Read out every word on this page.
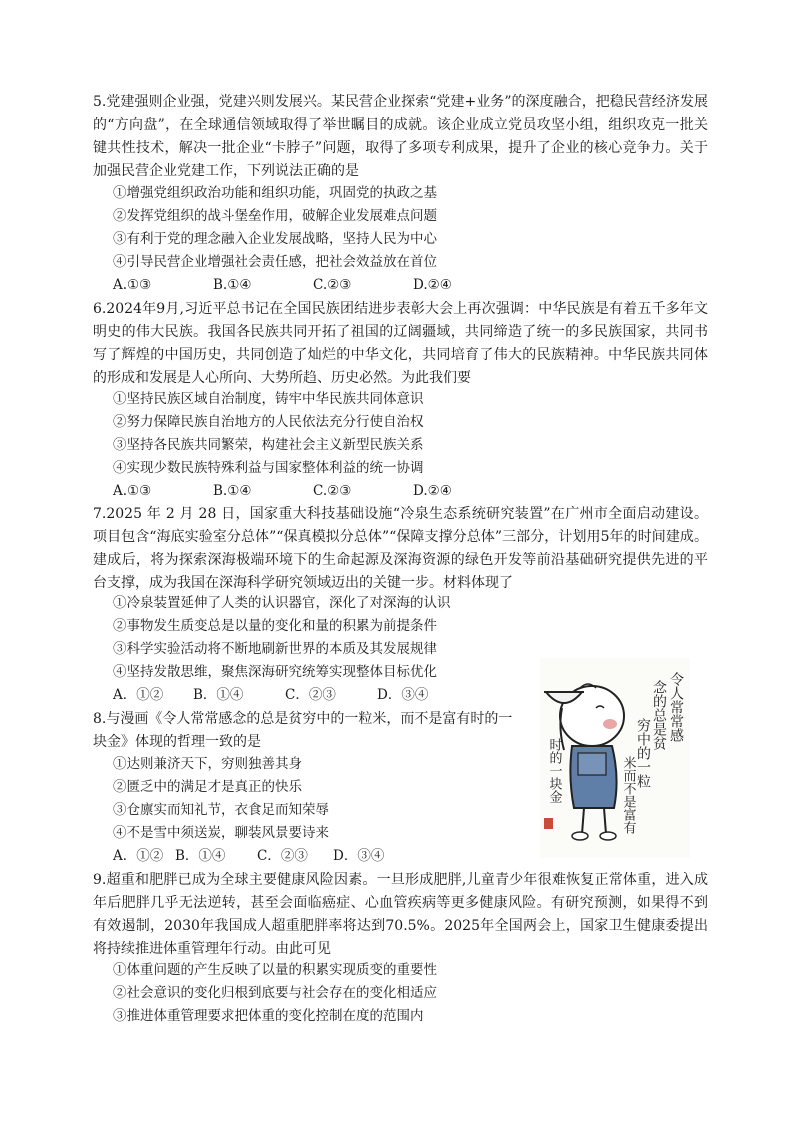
5.党建强则企业强，党建兴则发展兴。某民营企业探索“党建+业务”的深度融合，把稳民营经济发展的“方向盘”，在全球通信领域取得了举世瞩目的成就。该企业成立党员攻坚小组，组织攻克一批关键共性技术，解决一批企业“卡脖子”问题，取得了多项专利成果，提升了企业的核心竞争力。关于加强民营企业党建工作，下列说法正确的是

①增强党组织政治功能和组织功能，巩固党的执政之基

②发挥党组织的战斗堡垒作用，破解企业发展难点问题

③有利于党的理念融入企业发展战略，坚持人民为中心

④引导民营企业增强社会责任感，把社会效益放在首位

A.①③	B.①④	C.②③	D.②④

6.2024年9月,习近平总书记在全国民族团结进步表彰大会上再次强调：中华民族是有着五千多年文明史的伟大民族。我国各民族共同开拓了祖国的辽阔疆域，共同缔造了统一的多民族国家，共同书写了辉煌的中国历史，共同创造了灿烂的中华文化，共同培育了伟大的民族精神。中华民族共同体的形成和发展是人心所向、大势所趋、历史必然。为此我们要

①坚持民族区域自治制度，铸牢中华民族共同体意识

②努力保障民族自治地方的人民依法充分行使自治权

③坚持各民族共同繁荣，构建社会主义新型民族关系

④实现少数民族特殊利益与国家整体利益的统一协调

A.①③	B.①④	C.②③	D.②④

7.2025 年 2 月 28 日，国家重大科技基础设施“冷泉生态系统研究装置”在广州市全面启动建设。项目包含“海底实验室分总体”“保真模拟分总体”“保障支撑分总体”三部分，计划用5年的时间建成。建成后，将为探索深海极端环境下的生命起源及深海资源的绿色开发等前沿基础研究提供先进的平台支撑，成为我国在深海科学研究领域迈出的关键一步。材料体现了

①冷泉装置延伸了人类的认识器官，深化了对深海的认识

②事物发生质变总是以量的变化和量的积累为前提条件

③科学实验活动将不断地刷新世界的本质及其发展规律

④坚持发散思维，聚焦深海研究统筹实现整体目标优化

A．①② B．①④	C．②③	D．③④

8.与漫画《令人常常感念的总是贫穷中的一粒米，而不是富有时的一

块金》体现的哲理一致的是

①达则兼济天下，穷则独善其身

②匮乏中的满足才是真正的快乐

③仓廪实而知礼节，衣食足而知荣辱

④不是雪中须送炭，聊装风景要诗来

A．①② B．①④ C．②③ D．③④

令人常常感
念的总是贫
穷中的一粒
米而不是富有
时的一块金

9.超重和肥胖已成为全球主要健康风险因素。一旦形成肥胖,儿童青少年很难恢复正常体重，进入成年后肥胖几乎无法逆转，甚至会面临癌症、心血管疾病等更多健康风险。有研究预测，如果得不到有效遏制，2030年我国成人超重肥胖率将达到70.5%。2025年全国两会上，国家卫生健康委提出将持续推进体重管理年行动。由此可见

①体重问题的产生反映了以量的积累实现质变的重要性

②社会意识的变化归根到底要与社会存在的变化相适应

③推进体重管理要求把体重的变化控制在度的范围内
